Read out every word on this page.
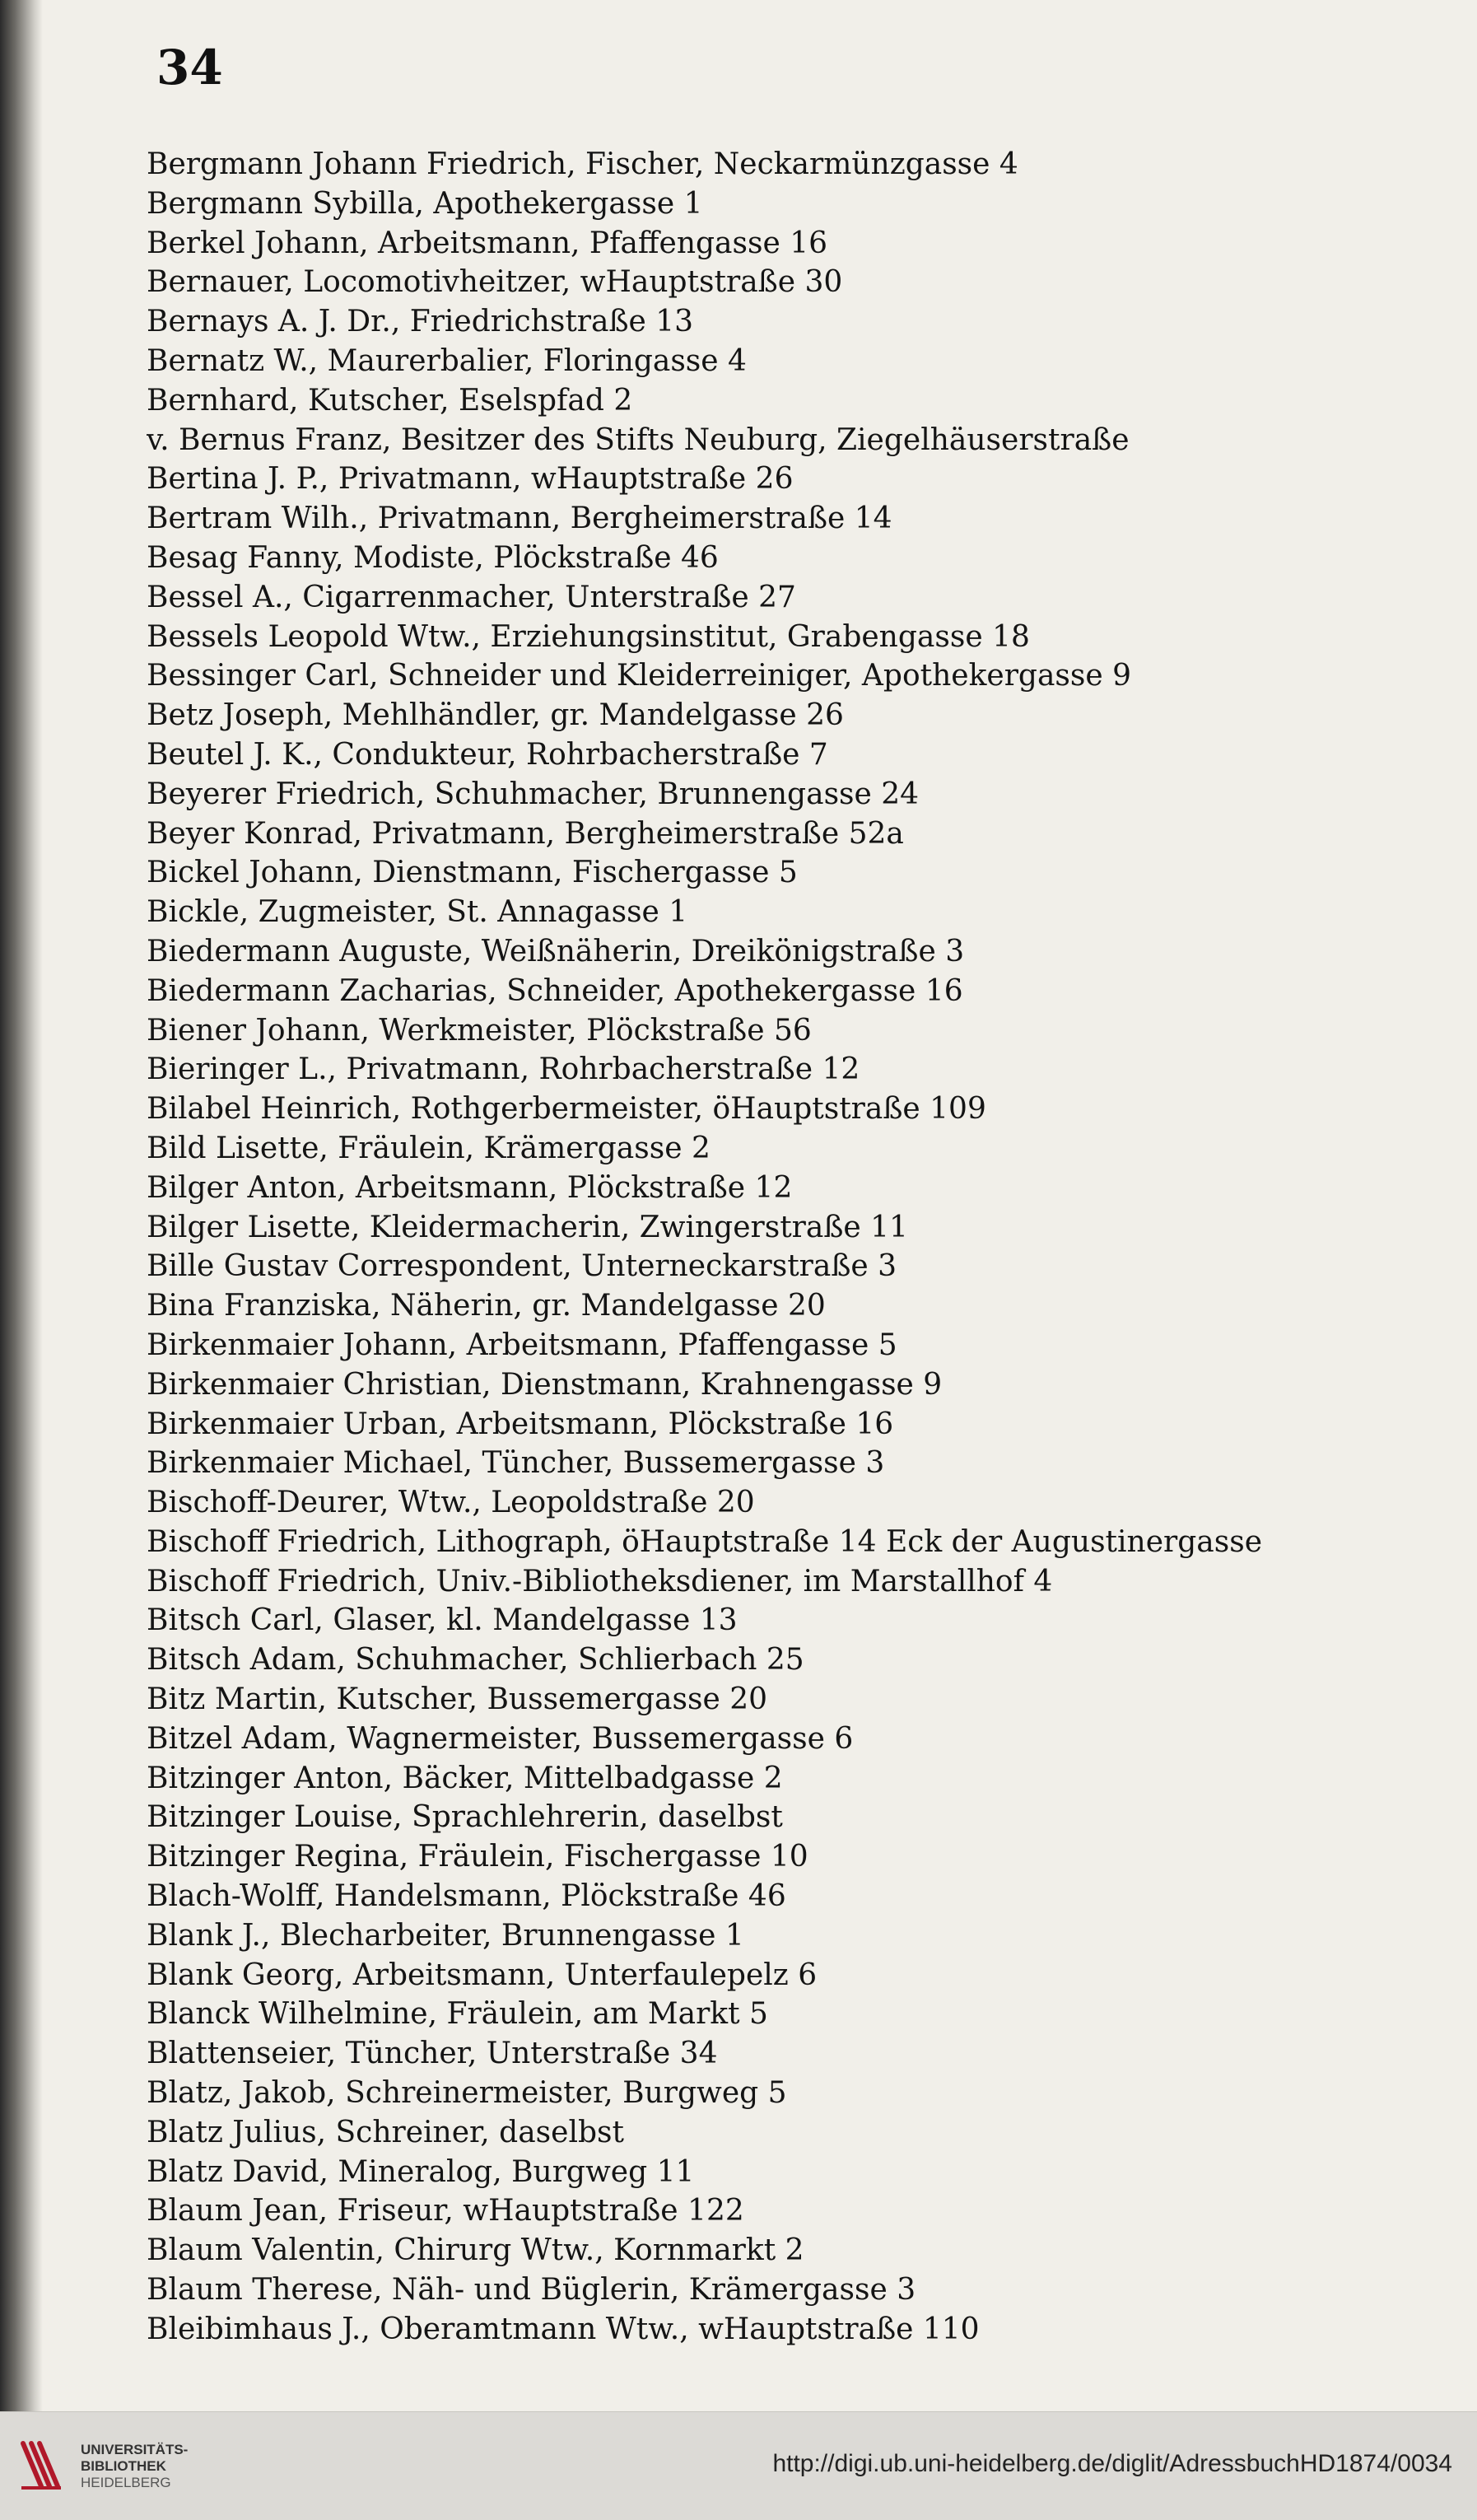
34
Bergmann Johann Friedrich, Fischer, Neckarmünzgasse 4
Bergmann Sybilla, Apothekergasse 1
Berkel Johann, Arbeitsmann, Pfaffengasse 16
Bernauer, Locomotivheitzer, wHauptstraße 30
Bernays A. J. Dr., Friedrichstraße 13
Bernatz W., Maurerbalier, Floringasse 4
Bernhard, Kutscher, Eselspfad 2
v. Bernus Franz, Besitzer des Stifts Neuburg, Ziegelhäuserstraße
Bertina J. P., Privatmann, wHauptstraße 26
Bertram Wilh., Privatmann, Bergheimerstraße 14
Besag Fanny, Modiste, Plöckstraße 46
Bessel A., Cigarrenmacher, Unterstraße 27
Bessels Leopold Wtw., Erziehungsinstitut, Grabengasse 18
Bessinger Carl, Schneider und Kleiderreiniger, Apothekergasse 9
Betz Joseph, Mehlhändler, gr. Mandelgasse 26
Beutel J. K., Condukteur, Rohrbacherstraße 7
Beyerer Friedrich, Schuhmacher, Brunnengasse 24
Beyer Konrad, Privatmann, Bergheimerstraße 52a
Bickel Johann, Dienstmann, Fischergasse 5
Bickle, Zugmeister, St. Annagasse 1
Biedermann Auguste, Weißnäherin, Dreikönigstraße 3
Biedermann Zacharias, Schneider, Apothekergasse 16
Biener Johann, Werkmeister, Plöckstraße 56
Bieringer L., Privatmann, Rohrbacherstraße 12
Bilabel Heinrich, Rothgerbermeister, öHauptstraße 109
Bild Lisette, Fräulein, Krämergasse 2
Bilger Anton, Arbeitsmann, Plöckstraße 12
Bilger Lisette, Kleidermacherin, Zwingerstraße 11
Bille Gustav Correspondent, Unterneckarstraße 3
Bina Franziska, Näherin, gr. Mandelgasse 20
Birkenmaier Johann, Arbeitsmann, Pfaffengasse 5
Birkenmaier Christian, Dienstmann, Krahnengasse 9
Birkenmaier Urban, Arbeitsmann, Plöckstraße 16
Birkenmaier Michael, Tüncher, Bussemergasse 3
Bischoff-Deurer, Wtw., Leopoldstraße 20
Bischoff Friedrich, Lithograph, öHauptstraße 14 Eck der Augustinergasse
Bischoff Friedrich, Univ.-Bibliotheksdiener, im Marstallhof 4
Bitsch Carl, Glaser, kl. Mandelgasse 13
Bitsch Adam, Schuhmacher, Schlierbach 25
Bitz Martin, Kutscher, Bussemergasse 20
Bitzel Adam, Wagnermeister, Bussemergasse 6
Bitzinger Anton, Bäcker, Mittelbadgasse 2
Bitzinger Louise, Sprachlehrerin, daselbst
Bitzinger Regina, Fräulein, Fischergasse 10
Blach-Wolff, Handelsmann, Plöckstraße 46
Blank J., Blecharbeiter, Brunnengasse 1
Blank Georg, Arbeitsmann, Unterfaulepelz 6
Blanck Wilhelmine, Fräulein, am Markt 5
Blattenseier, Tüncher, Unterstraße 34
Blatz, Jakob, Schreinermeister, Burgweg 5
Blatz Julius, Schreiner, daselbst
Blatz David, Mineralog, Burgweg 11
Blaum Jean, Friseur, wHauptstraße 122
Blaum Valentin, Chirurg Wtw., Kornmarkt 2
Blaum Therese, Näh- und Büglerin, Krämergasse 3
Bleibimhaus J., Oberamtmann Wtw., wHauptstraße 110
UNIVERSITÄTS-
BIBLIOTHEK
HEIDELBERG
http://digi.ub.uni-heidelberg.de/diglit/AdressbuchHD1874/0034
